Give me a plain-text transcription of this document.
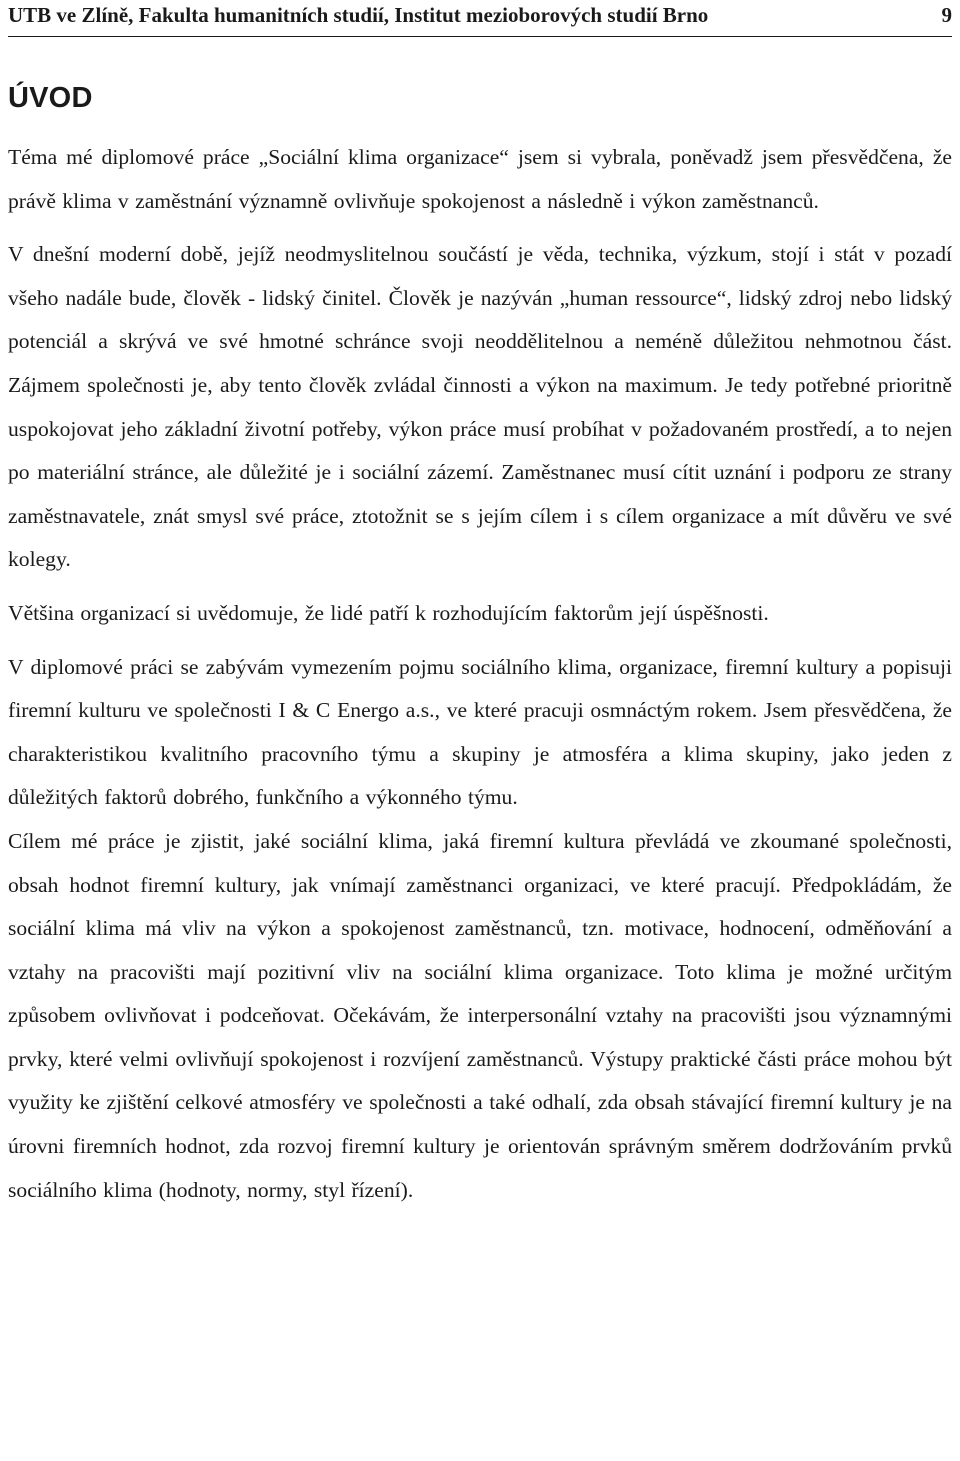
UTB ve Zlíně, Fakulta humanitních studií, Institut mezioborových studií Brno	9
ÚVOD

Téma mé diplomové práce „Sociální klima organizace“ jsem si vybrala, poněvadž jsem přesvědčena, že právě klima v zaměstnání významně ovlivňuje spokojenost a následně i výkon zaměstnanců.

V dnešní moderní době, jejíž neodmyslitelnou součástí je věda, technika, výzkum, stojí i stát v pozadí všeho nadále bude, člověk - lidský činitel. Člověk je nazýván „human ressource“, lidský zdroj nebo lidský potenciál a skrývá ve své hmotné schránce svoji neoddělitelnou a neméně důležitou nehmotnou část. Zájmem společnosti je, aby tento člověk zvládal činnosti a výkon na maximum. Je tedy potřebné prioritně uspokojovat jeho základní životní potřeby, výkon práce musí probíhat v požadovaném prostředí, a to nejen po materiální stránce, ale důležité je i sociální zázemí. Zaměstnanec musí cítit uznání i podporu ze strany zaměstnavatele, znát smysl své práce, ztotožnit se s jejím cílem i s cílem organizace a mít důvěru ve své kolegy.

Většina organizací si uvědomuje, že lidé patří k rozhodujícím faktorům její úspěšnosti.

V diplomové práci se zabývám vymezením pojmu sociálního klima, organizace, firemní kultury a popisuji firemní kulturu ve společnosti I & C Energo a.s., ve které pracuji osmnáctým rokem. Jsem přesvědčena, že charakteristikou kvalitního pracovního týmu a skupiny je atmosféra a klima skupiny, jako jeden z důležitých faktorů dobrého, funkčního a výkonného týmu.

Cílem mé práce je zjistit, jaké sociální klima, jaká firemní kultura převládá ve zkoumané společnosti, obsah hodnot firemní kultury, jak vnímají zaměstnanci organizaci, ve které pracují. Předpokládám, že sociální klima má vliv na výkon a spokojenost zaměstnanců, tzn. motivace, hodnocení, odměňování a vztahy na pracovišti mají pozitivní vliv na sociální klima organizace. Toto klima je možné určitým způsobem ovlivňovat i podceňovat. Očekávám, že interpersonální vztahy na pracovišti jsou významnými prvky, které velmi ovlivňují spokojenost i rozvíjení zaměstnanců. Výstupy praktické části práce mohou být využity ke zjištění celkové atmosféry ve společnosti a také odhalí, zda obsah stávající firemní kultury je na úrovni firemních hodnot, zda rozvoj firemní kultury je orientován správným směrem dodržováním prvků sociálního klima (hodnoty, normy, styl řízení).
